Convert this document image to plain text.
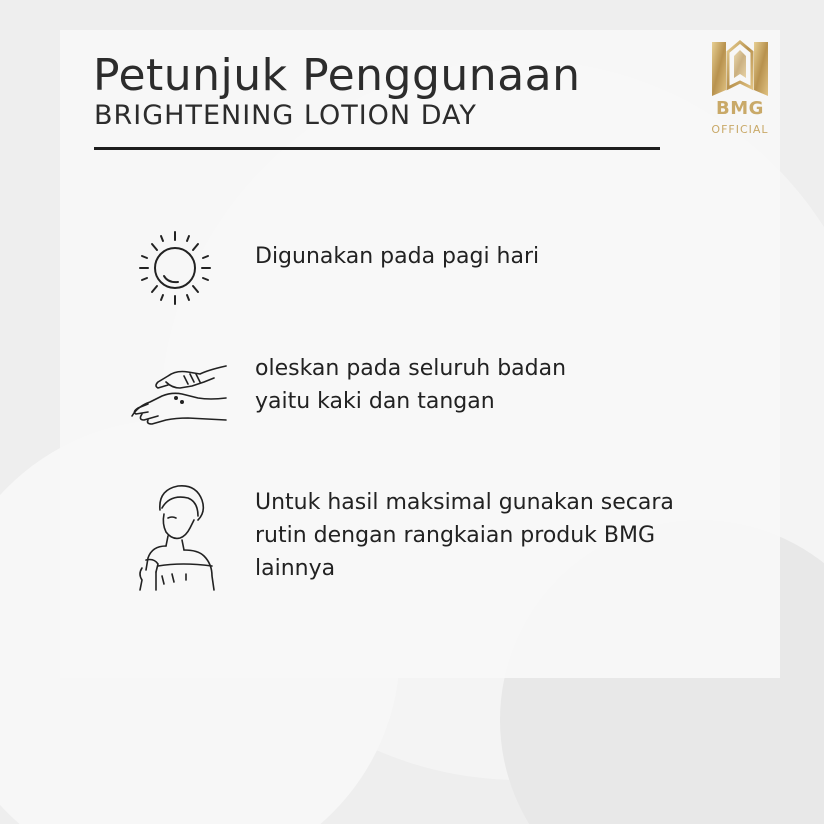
Petunjuk Penggunaan
BRIGHTENING LOTION DAY	BMG
OFFICIAL
Digunakan pada pagi hari
oleskan pada seluruh badan
yaitu kaki dan tangan
Untuk hasil maksimal gunakan secara
rutin dengan rangkaian produk BMG
lainnya
